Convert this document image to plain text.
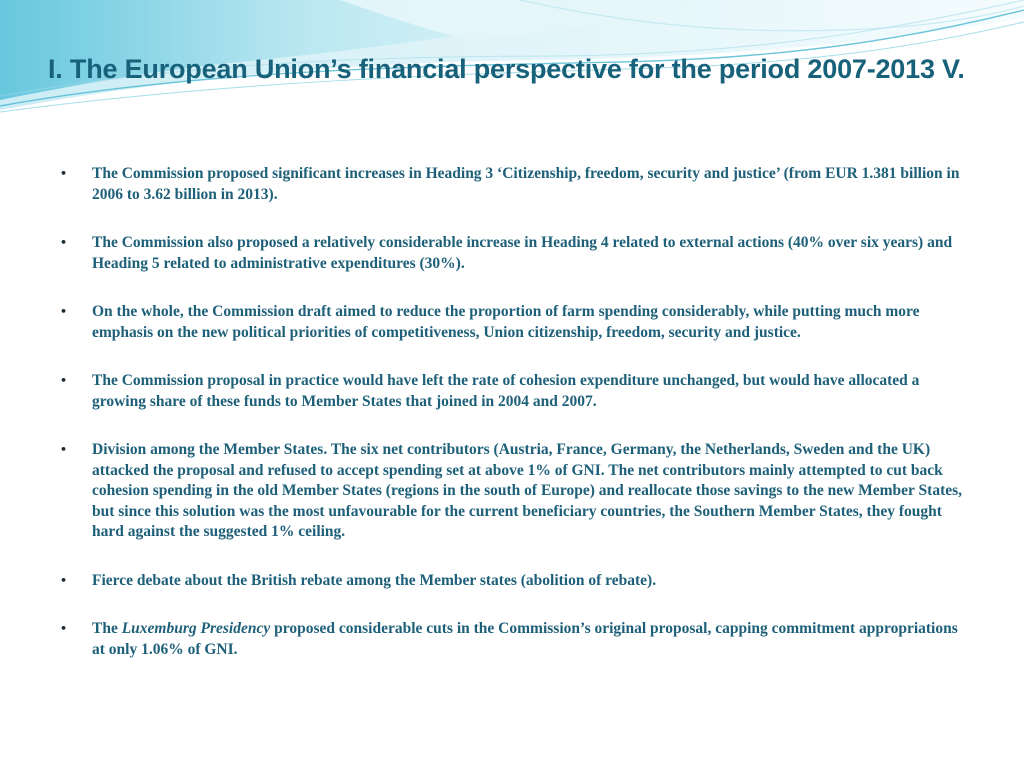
I. The European Union’s financial perspective for the period 2007-2013 V.
• The Commission proposed significant increases in Heading 3 ‘Citizenship, freedom, security and justice’ (from EUR 1.381 billion in 2006 to 3.62 billion in 2013).
• The Commission also proposed a relatively considerable increase in Heading 4 related to external actions (40% over six years) and Heading 5 related to administrative expenditures (30%).
• On the whole, the Commission draft aimed to reduce the proportion of farm spending considerably, while putting much more emphasis on the new political priorities of competitiveness, Union citizenship, freedom, security and justice.
• The Commission proposal in practice would have left the rate of cohesion expenditure unchanged, but would have allocated a growing share of these funds to Member States that joined in 2004 and 2007.
• Division among the Member States. The six net contributors (Austria, France, Germany, the Netherlands, Sweden and the UK) attacked the proposal and refused to accept spending set at above 1% of GNI. The net contributors mainly attempted to cut back cohesion spending in the old Member States (regions in the south of Europe) and reallocate those savings to the new Member States, but since this solution was the most unfavourable for the current beneficiary countries, the Southern Member States, they fought hard against the suggested 1% ceiling.
• Fierce debate about the British rebate among the Member states (abolition of rebate).
• The Luxemburg Presidency proposed considerable cuts in the Commission’s original proposal, capping commitment appropriations at only 1.06% of GNI.
